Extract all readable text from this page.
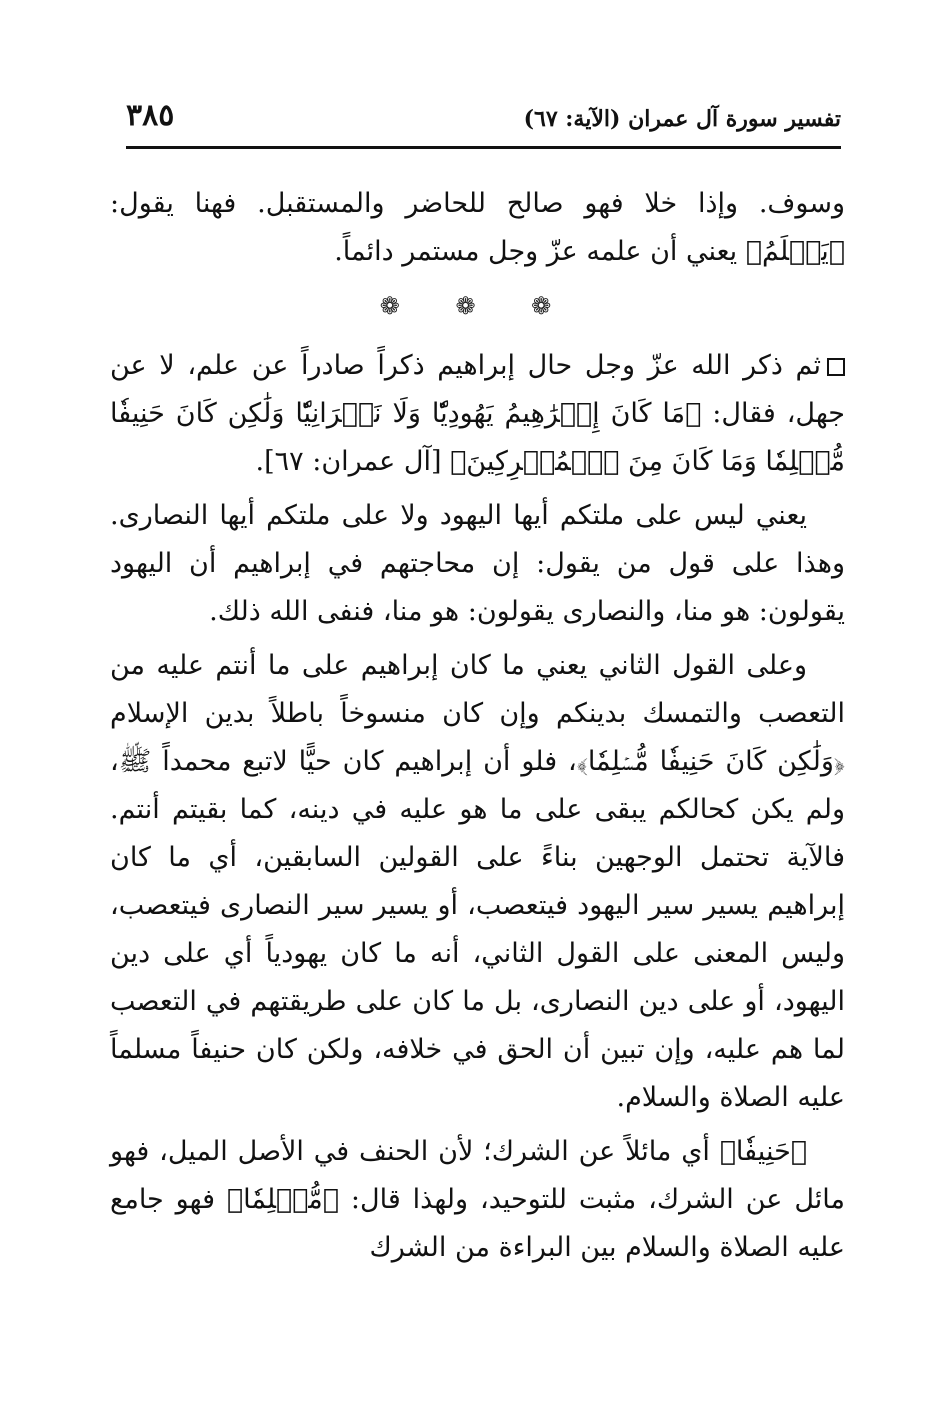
تفسير سورة آل عمران (الآية: ٦٧)
٣٨٥

وسوف. وإذا خلا فهو صالح للحاضر والمستقبل. فهنا يقول: ﴿يَعۡلَمُ﴾ يعني أن علمه عزّ وجل مستمر دائماً.

❁ ❁ ❁

ثم ذكر الله عزّ وجل حال إبراهيم ذكراً صادراً عن علم، لا عن جهل، فقال: ﴿مَا كَانَ إِبۡرَٰهِيمُ يَهُودِيّٗا وَلَا نَصۡرَانِيّٗا وَلَٰكِن كَانَ حَنِيفٗا مُّسۡلِمٗا وَمَا كَانَ مِنَ ٱلۡمُشۡرِكِينَ﴾ [آل عمران: ٦٧].

يعني ليس على ملتكم أيها اليهود ولا على ملتكم أيها النصارى. وهذا على قول من يقول: إن محاجتهم في إبراهيم أن اليهود يقولون: هو منا، والنصارى يقولون: هو منا، فنفى الله ذلك.

وعلى القول الثاني يعني ما كان إبراهيم على ما أنتم عليه من التعصب والتمسك بدينكم وإن كان منسوخاً باطلاً بدين الإسلام ﴿وَلَٰكِن كَانَ حَنِيفٗا مُّسۡلِمٗا﴾، فلو أن إبراهيم كان حيًّا لاتبع محمداً ﷺ، ولم يكن كحالكم يبقى على ما هو عليه في دينه، كما بقيتم أنتم. فالآية تحتمل الوجهين بناءً على القولين السابقين، أي ما كان إبراهيم يسير سير اليهود فيتعصب، أو يسير سير النصارى فيتعصب، وليس المعنى على القول الثاني، أنه ما كان يهودياً أي على دين اليهود، أو على دين النصارى، بل ما كان على طريقتهم في التعصب لما هم عليه، وإن تبين أن الحق في خلافه، ولكن كان حنيفاً مسلماً عليه الصلاة والسلام.

﴿حَنِيفٗا﴾ أي مائلاً عن الشرك؛ لأن الحنف في الأصل الميل، فهو مائل عن الشرك، مثبت للتوحيد، ولهذا قال: ﴿مُّسۡلِمٗا﴾ فهو جامع عليه الصلاة والسلام بين البراءة من الشرك
